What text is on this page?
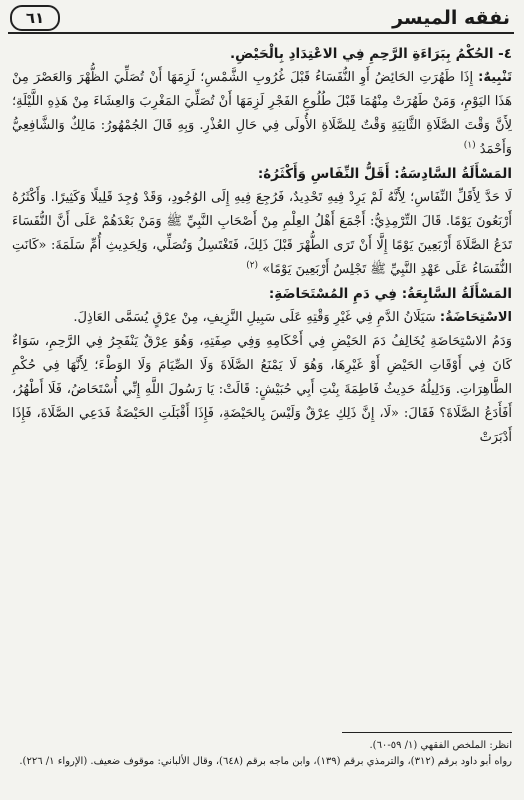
نفقه الميسر
٦١

٤- الحُكْمُ بِبَرَاءَةِ الرَّحِمِ فِي الاعْتِدَادِ بِالْحَيْضِ.

تَنْبِيهٌ: إِذَا طَهُرَتِ الحَائِضُ أَوِ النُّفَسَاءُ قَبْلَ غُرُوبِ الشَّمْسِ؛ لَزِمَهَا أَنْ تُصَلِّيَ الظُّهْرَ وَالعَصْرَ مِنْ هَذَا اليَوْمِ، وَمَنْ طَهُرَتْ مِنْهُمَا قَبْلَ طُلُوعِ الفَجْرِ لَزِمَهَا أَنْ تُصَلِّيَ المَغْرِبَ وَالعِشَاءَ مِنْ هَذِهِ اللَّيْلَةِ؛ لِأَنَّ وَقْتَ الصَّلَاةِ الثَّانِيَةِ وَقْتٌ لِلصَّلَاةِ الأُولَى فِي حَالِ العُذْرِ. وَبِهِ قَالَ الجُمْهُورُ: مَالِكٌ وَالشَّافِعِيُّ وَأَحْمَدُ $^{(١)}$

المَسْأَلَةُ السَّادِسَةُ: أَقَلُّ النِّفَاسِ وَأَكْثَرُهُ:

لَا حَدَّ لِأَقَلِّ النِّفَاسِ؛ لِأَنَّهُ لَمْ يَرِدْ فِيهِ تَحْدِيدٌ، فَرُجِعَ فِيهِ إِلَى الوُجُودِ، وَقَدْ وُجِدَ قَلِيلًا وَكَثِيرًا. وَأَكْثَرُهُ أَرْبَعُونَ يَوْمًا. قَالَ التِّرْمِذِيُّ: أَجْمَعَ أَهْلُ العِلْمِ مِنْ أَصْحَابِ النَّبِيِّ ﷺ وَمَنْ بَعْدَهُمْ عَلَى أَنَّ النُّفَسَاءَ تَدَعُ الصَّلَاةَ أَرْبَعِينَ يَوْمًا إِلَّا أَنْ تَرَى الطُّهْرَ قَبْلَ ذَلِكَ، فَتَغْتَسِلُ وَتُصَلِّي، وَلِحَدِيثِ أُمِّ سَلَمَةَ: «كَانَتِ النُّفَسَاءُ عَلَى عَهْدِ النَّبِيِّ ﷺ تَجْلِسُ أَرْبَعِينَ يَوْمًا» $^{(٢)}$

المَسْأَلَةُ السَّابِعَةُ: فِي دَمِ المُسْتَحَاضَةِ:

الاسْتِحَاضَةُ: سَيَلَانُ الدَّمِ فِي غَيْرِ وَقْتِهِ عَلَى سَبِيلِ النَّزِيفِ، مِنْ عِرْقٍ يُسَمَّى العَاذِلَ.

وَدَمُ الاسْتِحَاضَةِ يُخَالِفُ دَمَ الحَيْضِ فِي أَحْكَامِهِ وَفِي صِفَتِهِ، وَهُوَ عِرْقٌ يَنْفَجِرُ فِي الرَّحِمِ، سَوَاءٌ كَانَ فِي أَوْقَاتِ الحَيْضِ أَوْ غَيْرِهَا، وَهُوَ لَا يَمْنَعُ الصَّلَاةَ وَلَا الصِّيَامَ وَلَا الوَطْءَ؛ لِأَنَّهَا فِي حُكْمِ الطَّاهِرَاتِ. وَدَلِيلُهُ حَدِيثُ فَاطِمَةَ بِنْتِ أَبِي حُبَيْشٍ: قَالَتْ: يَا رَسُولَ اللَّهِ إِنِّي أُسْتَحَاضُ، فَلَا أَطْهُرُ، أَفَأَدَعُ الصَّلَاةَ؟ فَقَالَ: «لَا، إِنَّ ذَلِكِ عِرْقٌ وَلَيْسَ بِالحَيْضَةِ، فَإِذَا أَقْبَلَتِ الحَيْضَةُ فَدَعِي الصَّلَاةَ، فَإِذَا أَدْبَرَتْ

انظر: الملخص الفقهي (١/ ٥٩-٦٠).

رواه أبو داود برقم (٣١٢)، والترمذي برقم (١٣٩)، وابن ماجه برقم (٦٤٨)، وقال الألباني: موقوف ضعيف. (الإرواء ١/ ٢٢٦).
